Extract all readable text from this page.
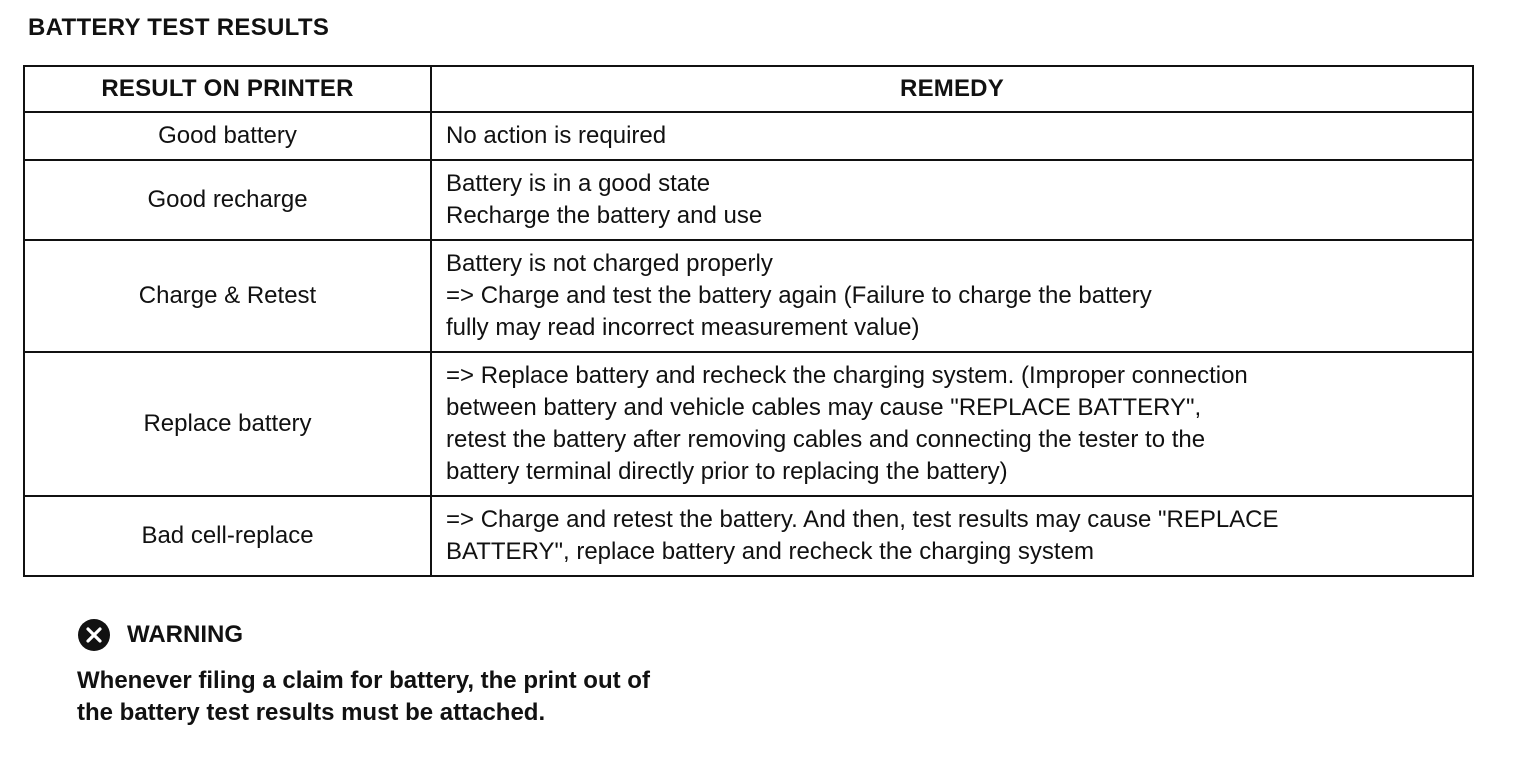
BATTERY TEST RESULTS
RESULT ON PRINTER	REMEDY
Good battery	No action is required

Good recharge	Battery is in a good state
Recharge the battery and use

Charge & Retest	Battery is not charged properly
=> Charge and test the battery again (Failure to charge the battery
fully may read incorrect measurement value)

Replace battery	=> Replace battery and recheck the charging system. (Improper connection
between battery and vehicle cables may cause "REPLACE BATTERY",
retest the battery after removing cables and connecting the tester to the
battery terminal directly prior to replacing the battery)

Bad cell-replace	=> Charge and retest the battery. And then, test results may cause "REPLACE
BATTERY", replace battery and recheck the charging system
WARNING
Whenever filing a claim for battery, the print out of
the battery test results must be attached.
